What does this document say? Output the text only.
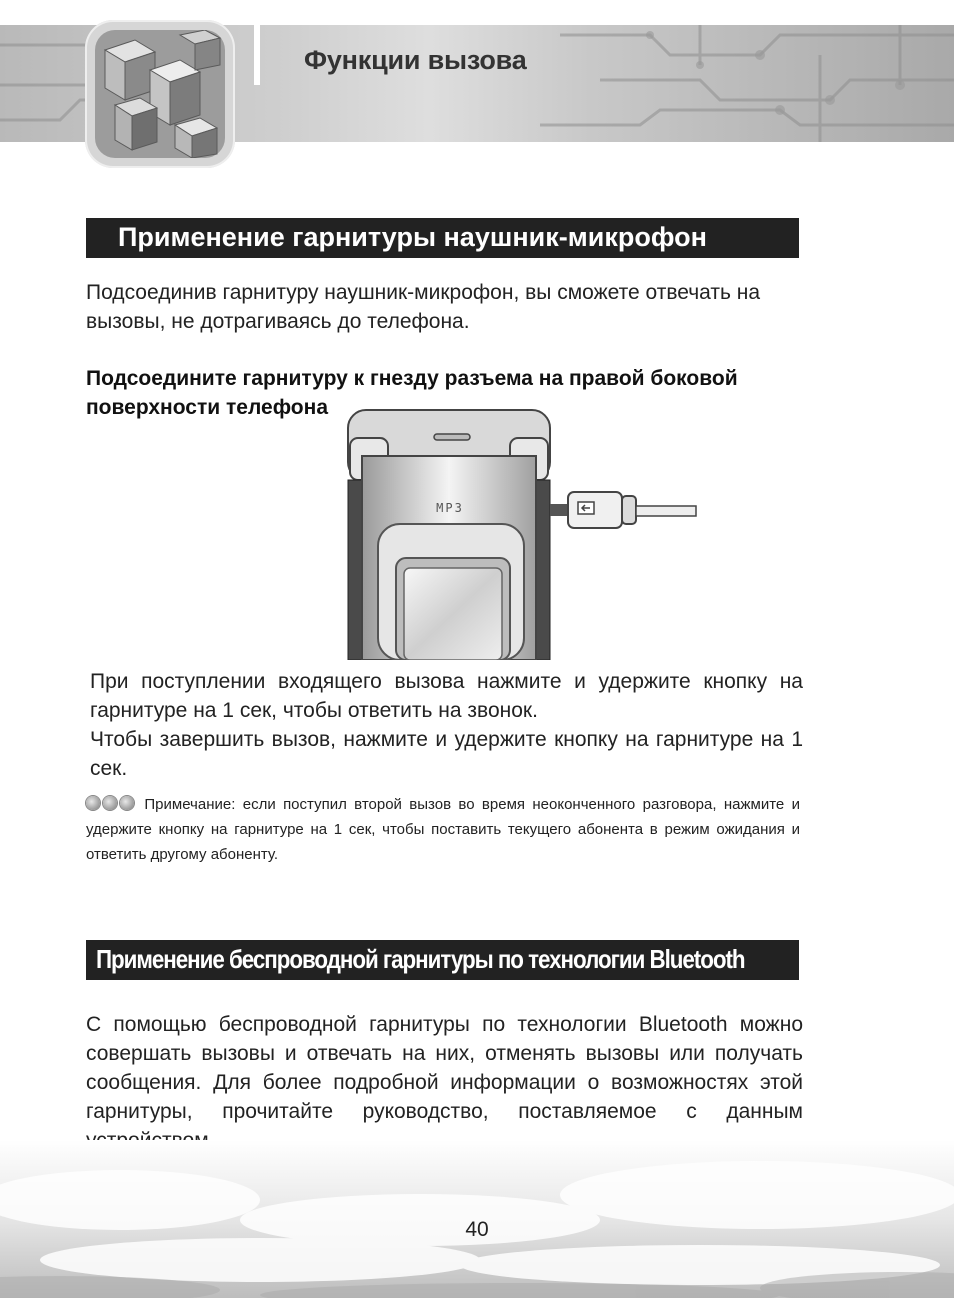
Функции вызова
Применение гарнитуры наушник-микрофон
Подсоединив гарнитуру наушник-микрофон, вы сможете отвечать на вызовы, не дотрагиваясь до телефона.
Подсоедините гарнитуру к гнезду разъема на правой боковой поверхности телефона
MP3
При поступлении входящего вызова нажмите и удержите кнопку на гарнитуре на 1 сек, чтобы ответить на звонок.
Чтобы завершить вызов, нажмите и удержите кнопку на гарнитуре на 1 сек.
Примечание: если поступил второй вызов во время неоконченного разговора, нажмите и удержите кнопку на гарнитуре на 1 сек, чтобы поставить текущего абонента в режим ожидания и ответить другому абоненту.
Применение беспроводной гарнитуры по технологии Bluetooth
С помощью беспроводной гарнитуры по технологии Bluetooth можно совершать вызовы и отвечать на них, отменять вызовы или получать сообщения. Для более подробной информации о возможностях этой гарнитуры, прочитайте руководство, поставляемое с данным
40
